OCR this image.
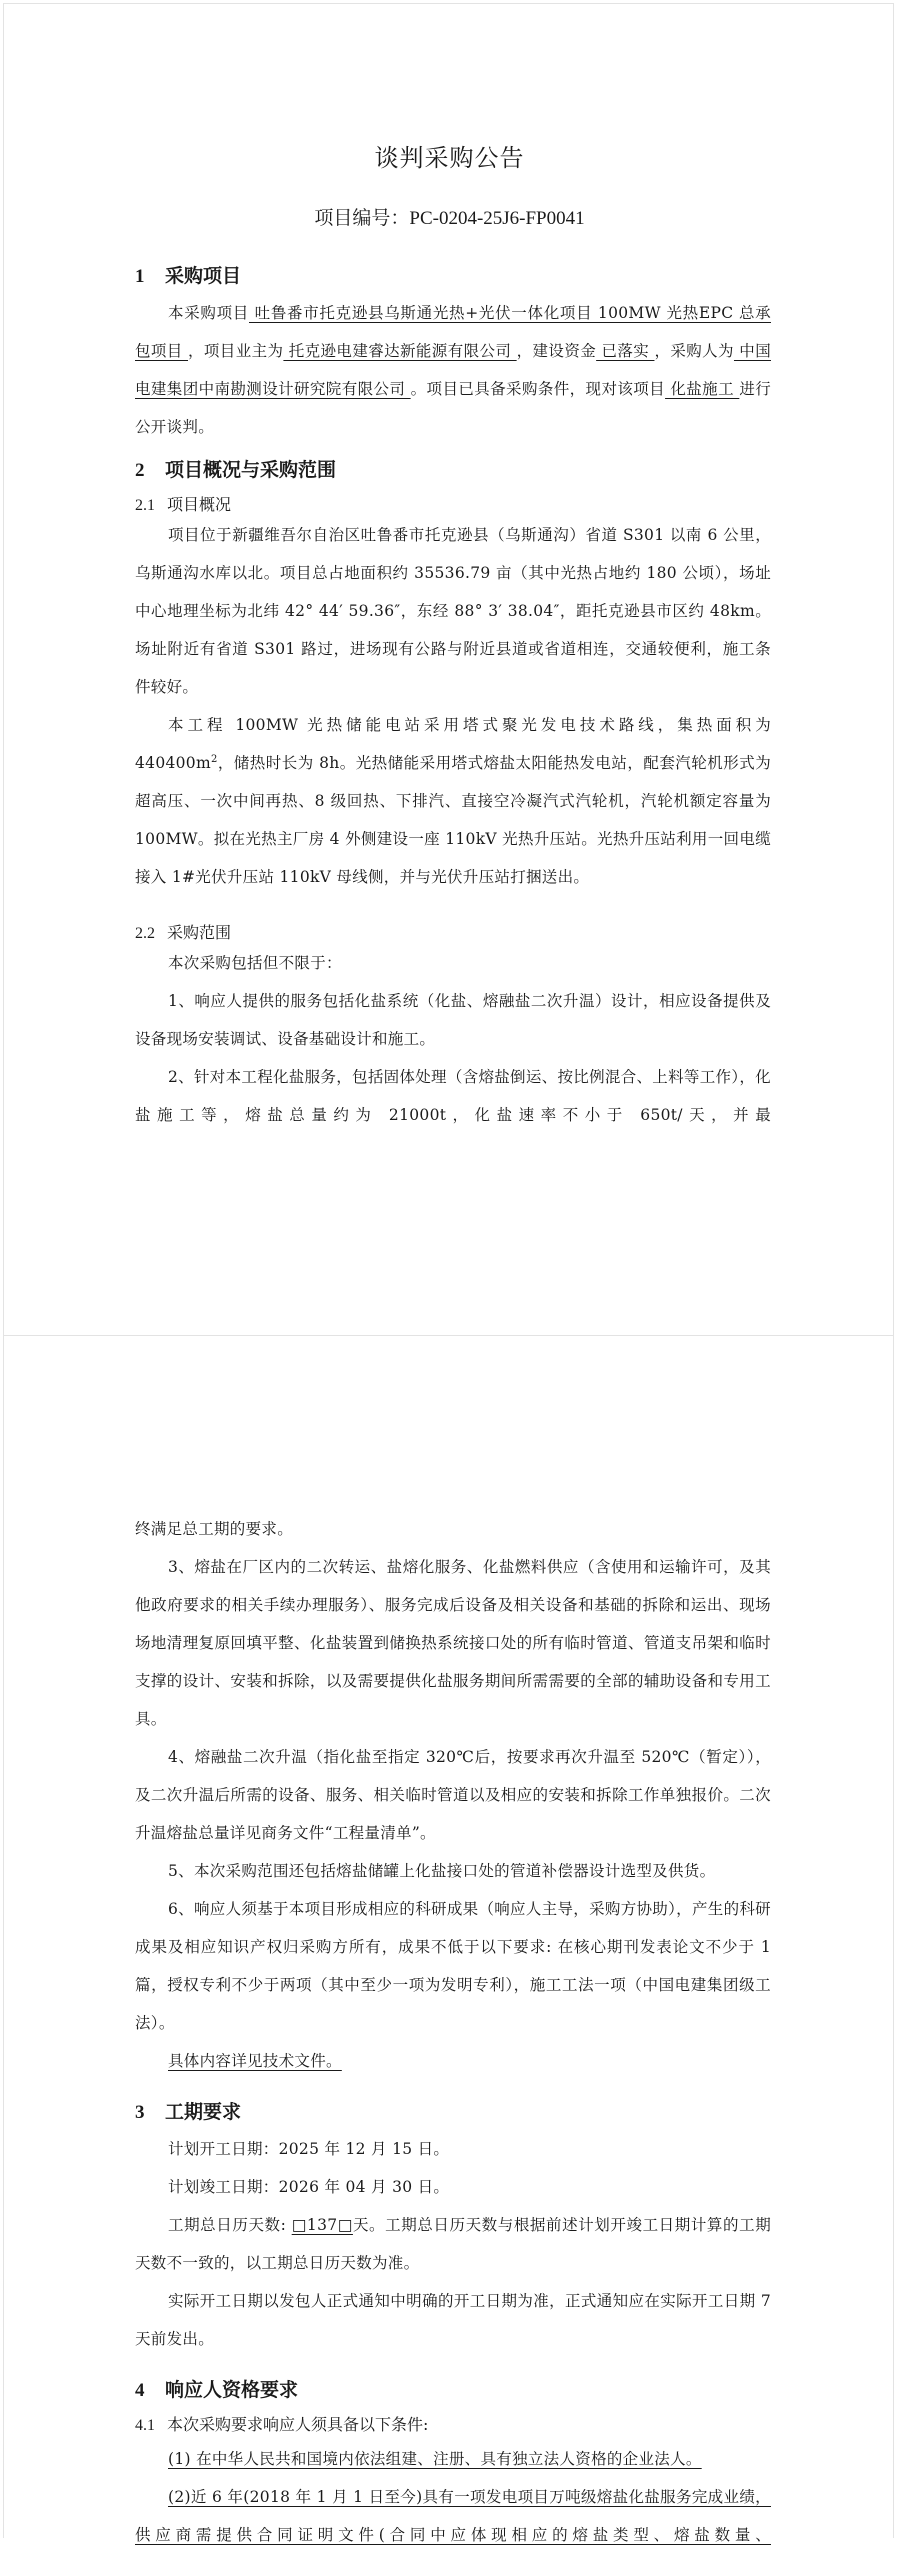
谈判采购公告
项目编号：PC-0204-25J6-FP0041
1 采购项目

本采购项目 吐鲁番市托克逊县乌斯通光热+光伏一体化项目 100MW 光热EPC 总承包项目 ，项目业主为 托克逊电建睿达新能源有限公司 ，建设资金 已落实 ，采购人为 中国电建集团中南勘测设计研究院有限公司 。项目已具备采购条件，现对该项目 化盐施工 进行公开谈判。

2 项目概况与采购范围
2.1 项目概况

项目位于新疆维吾尔自治区吐鲁番市托克逊县（乌斯通沟）省道 S301 以南 6 公里，乌斯通沟水库以北。项目总占地面积约 35536.79 亩（其中光热占地约 180 公顷），场址中心地理坐标为北纬 42° 44′ 59.36″，东经 88° 3′ 38.04″，距托克逊县市区约 48km。场址附近有省道 S301 路过，进场现有公路与附近县道或省道相连，交通较便利，施工条件较好。

本工程 100MW 光热储能电站采用塔式聚光发电技术路线，集热面积为 $440400m^2$，储热时长为 8h。光热储能采用塔式熔盐太阳能热发电站，配套汽轮机形式为超高压、一次中间再热、8 级回热、下排汽、直接空冷凝汽式汽轮机，汽轮机额定容量为 100MW。拟在光热主厂房 4 外侧建设一座 110kV 光热升压站。光热升压站利用一回电缆接入 1#光伏升压站 110kV 母线侧，并与光伏升压站打捆送出。

2.2 采购范围

本次采购包括但不限于：

1、响应人提供的服务包括化盐系统（化盐、熔融盐二次升温）设计，相应设备提供及设备现场安装调试、设备基础设计和施工。

2、针对本工程化盐服务，包括固体处理（含熔盐倒运、按比例混合、上料等工作），化盐施工等，熔盐总量约为 21000t，化盐速率不小于 650t/天，并最

终满足总工期的要求。

3、熔盐在厂区内的二次转运、盐熔化服务、化盐燃料供应（含使用和运输许可，及其他政府要求的相关手续办理服务）、服务完成后设备及相关设备和基础的拆除和运出、现场场地清理复原回填平整、化盐装置到储换热系统接口处的所有临时管道、管道支吊架和临时支撑的设计、安装和拆除，以及需要提供化盐服务期间所需需要的全部的辅助设备和专用工具。

4、熔融盐二次升温（指化盐至指定 320℃后，按要求再次升温至 520℃（暂定）），及二次升温后所需的设备、服务、相关临时管道以及相应的安装和拆除工作单独报价。二次升温熔盐总量详见商务文件“工程量清单”。

5、本次采购范围还包括熔盐储罐上化盐接口处的管道补偿器设计选型及供货。

6、响应人须基于本项目形成相应的科研成果（响应人主导，采购方协助），产生的科研成果及相应知识产权归采购方所有，成果不低于以下要求: 在核心期刊发表论文不少于 1 篇，授权专利不少于两项（其中至少一项为发明专利），施工工法一项（中国电建集团级工法）。

具体内容详见技术文件。

3 工期要求

计划开工日期：2025 年 12 月 15 日。

计划竣工日期：2026 年 04 月 30 日。

工期总日历天数: □137□天。工期总日历天数与根据前述计划开竣工日期计算的工期天数不一致的，以工期总日历天数为准。

实际开工日期以发包人正式通知中明确的开工日期为准，正式通知应在实际开工日期 7 天前发出。

4 响应人资格要求
4.1 本次采购要求响应人须具备以下条件:

(1) 在中华人民共和国境内依法组建、注册、具有独立法人资格的企业法人。

(2)近 6 年(2018 年 1 月 1 日至今)具有一项发电项目万吨级熔盐化盐服务完成业绩，供应商需提供合同证明文件(合同中应体现相应的熔盐类型、熔盐数量、
